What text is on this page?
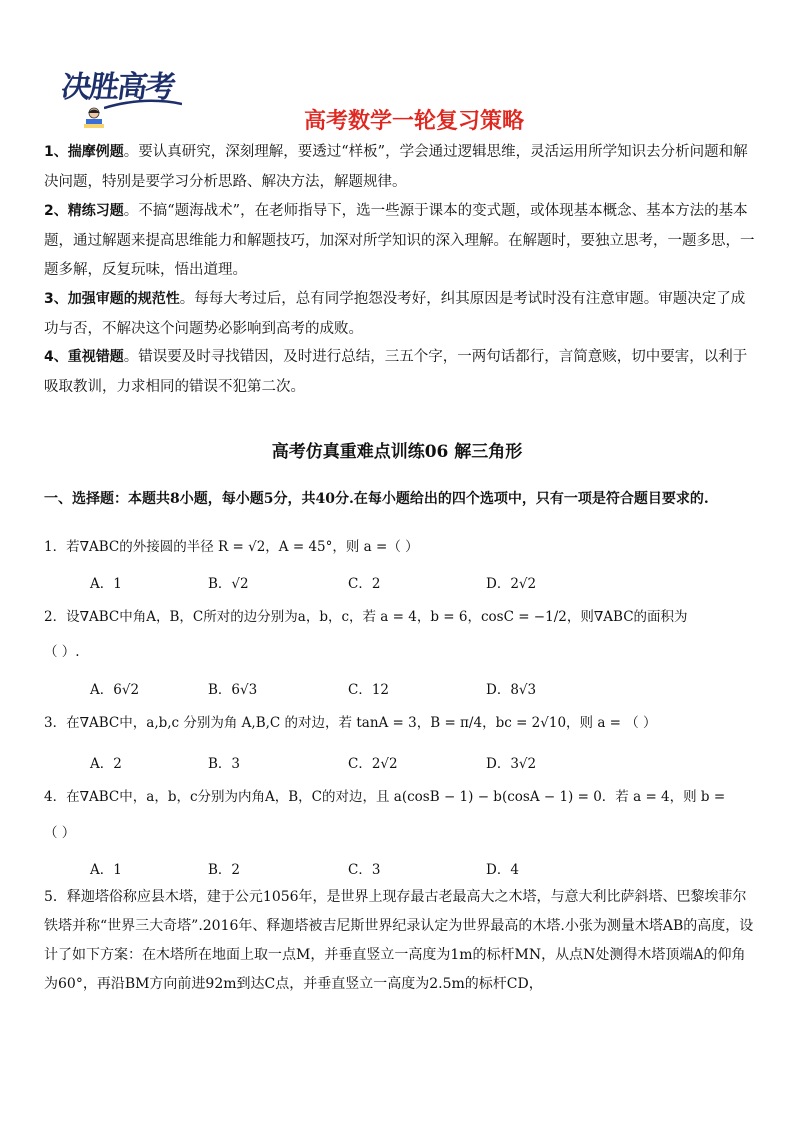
决胜高考
高考数学一轮复习策略
1、揣摩例题。要认真研究，深刻理解，要透过“样板”，学会通过逻辑思维，灵活运用所学知识去分析问题和解决问题，特别是要学习分析思路、解决方法，解题规律。
2、精练习题。不搞“题海战术”，在老师指导下，选一些源于课本的变式题，或体现基本概念、基本方法的基本题，通过解题来提高思维能力和解题技巧，加深对所学知识的深入理解。在解题时，要独立思考，一题多思，一题多解，反复玩味，悟出道理。
3、加强审题的规范性。每每大考过后，总有同学抱怨没考好，纠其原因是考试时没有注意审题。审题决定了成功与否，不解决这个问题势必影响到高考的成败。
4、重视错题。错误要及时寻找错因，及时进行总结，三五个字，一两句话都行，言简意赅，切中要害，以利于吸取教训，力求相同的错误不犯第二次。
高考仿真重难点训练06 解三角形
一、选择题：本题共8小题，每小题5分，共40分.在每小题给出的四个选项中，只有一项是符合题目要求的.
1．若∇ABC的外接圆的半径 R = √2，A = 45°，则 a =（ ）
A．1	B．√2	C．2	D．2√2
2．设∇ABC中角A，B，C所对的边分别为a，b，c，若 a = 4，b = 6，cosC = −1/2，则∇ABC的面积为
（ ）.
A．6√2	B．6√3	C．12	D．8√3
3．在∇ABC中，a,b,c 分别为角 A,B,C 的对边，若 tanA = 3，B = π/4，bc = 2√10，则 a = （ ）
A．2	B．3	C．2√2	D．3√2
4．在∇ABC中，a，b，c分别为内角A，B，C的对边，且 a(cosB − 1) − b(cosA − 1) = 0．若 a = 4，则 b =
（ ）
A．1	B．2	C．3	D．4
5．释迦塔俗称应县木塔，建于公元1056年，是世界上现存最古老最高大之木塔，与意大利比萨斜塔、巴黎埃菲尔铁塔并称“世界三大奇塔”.2016年、释迦塔被吉尼斯世界纪录认定为世界最高的木塔.小张为测量木塔AB的高度，设计了如下方案：在木塔所在地面上取一点M，并垂直竖立一高度为1m的标杆MN，从点N处测得木塔顶端A的仰角为60°，再沿BM方向前进92m到达C点，并垂直竖立一高度为2.5m的标杆CD，
